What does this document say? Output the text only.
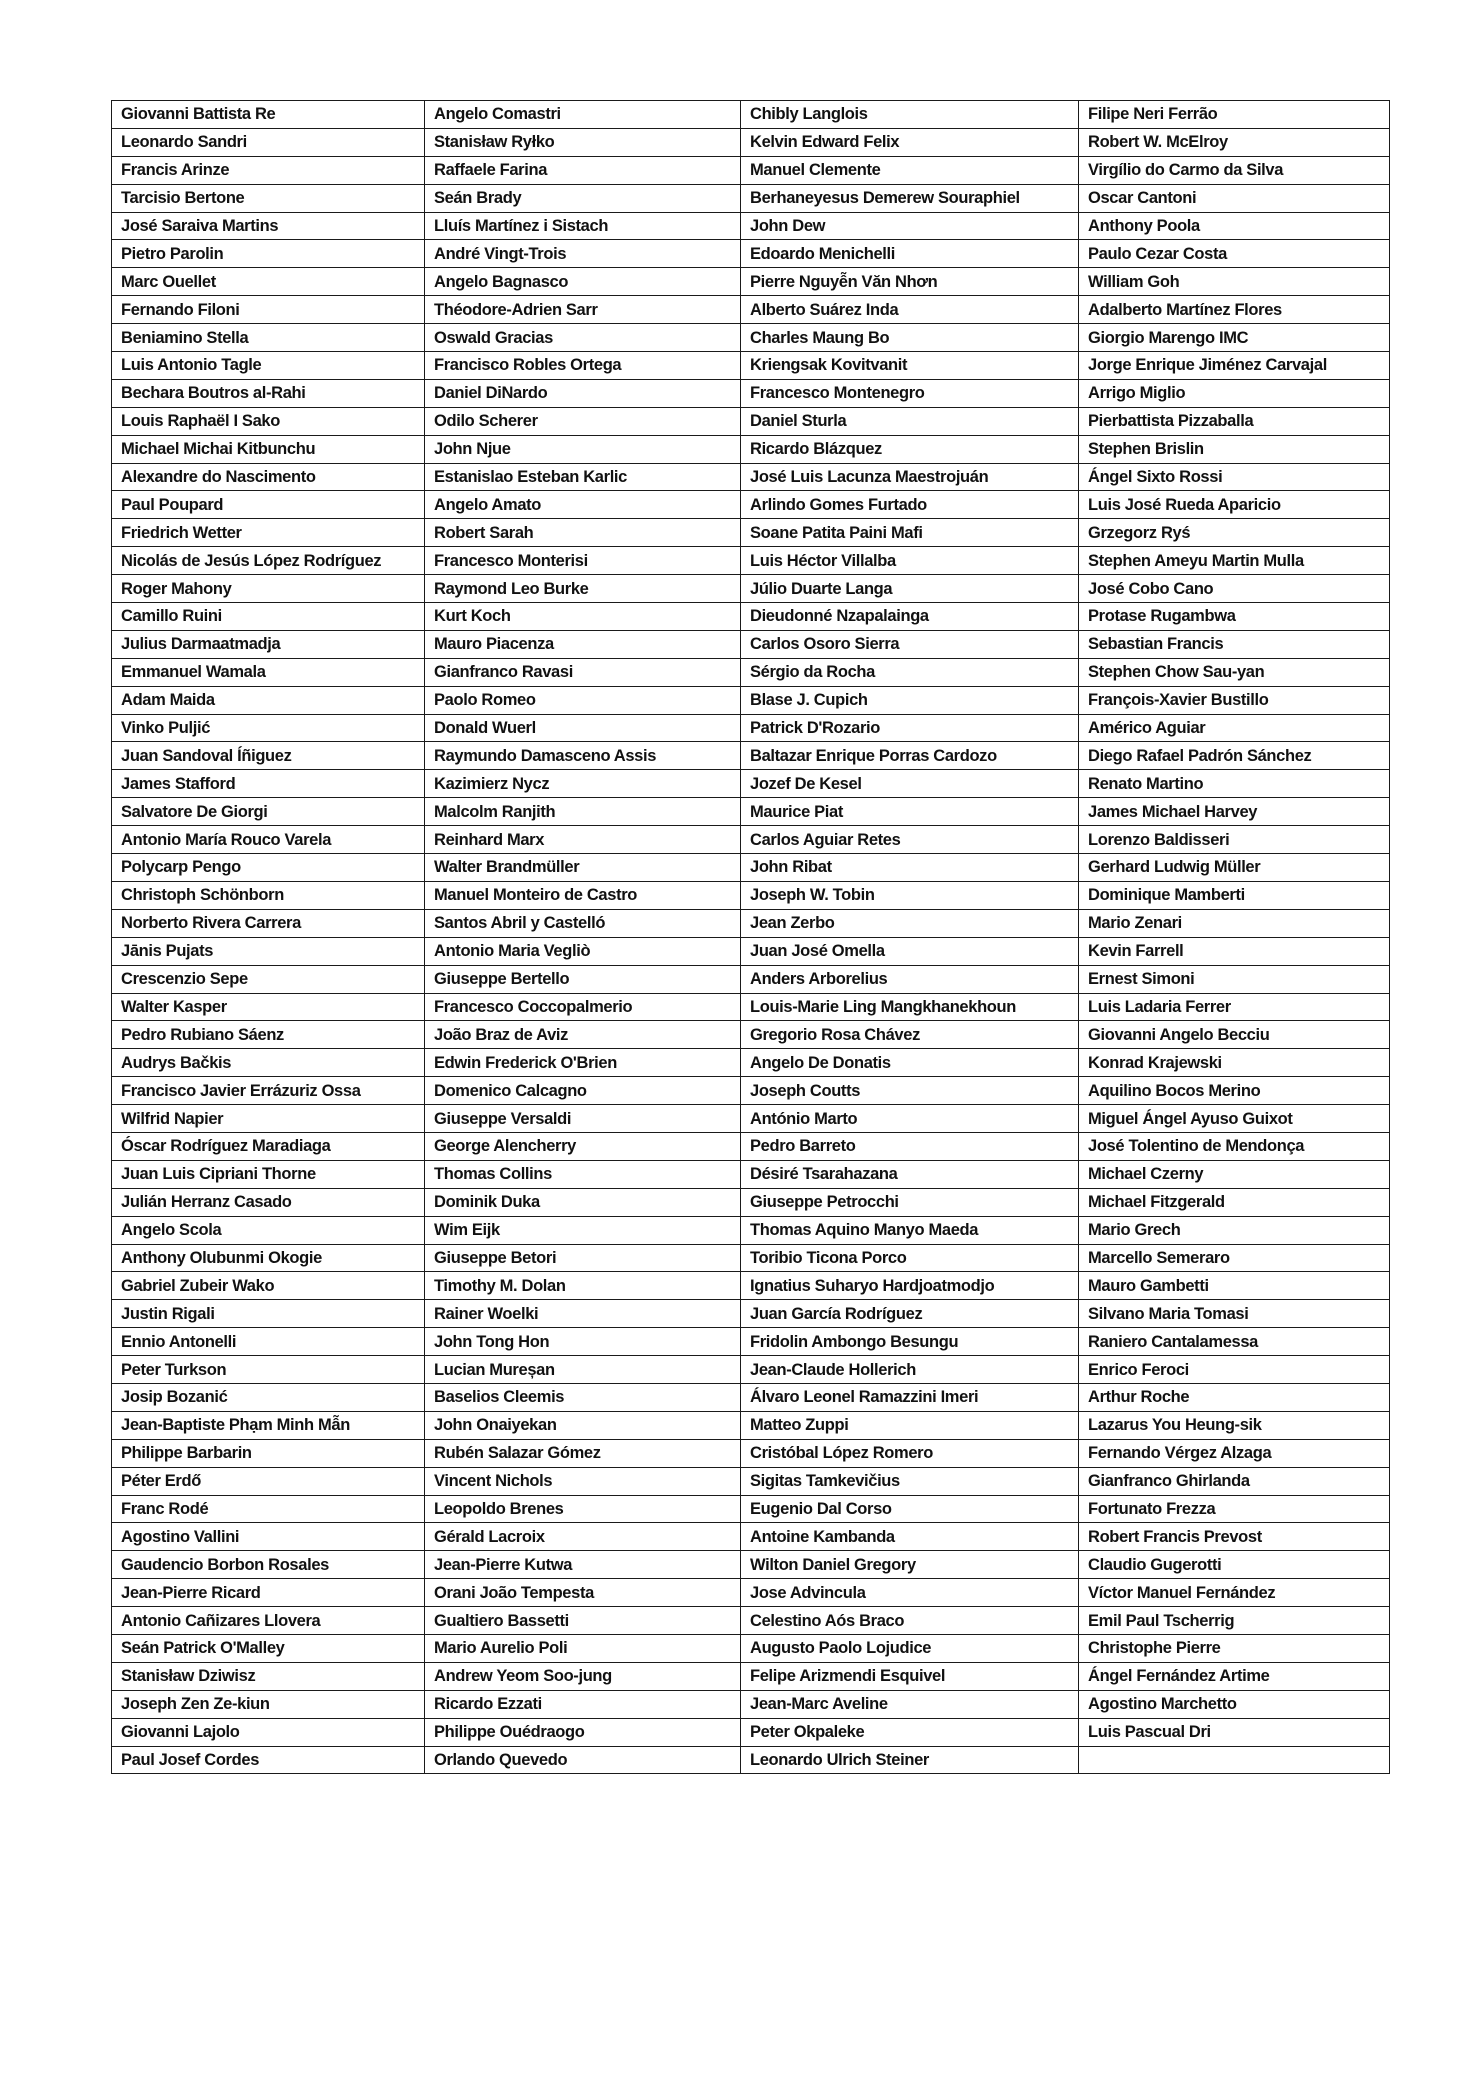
Giovanni Battista Re	Angelo Comastri	Chibly Langlois	Filipe Neri Ferrão
Leonardo Sandri	Stanisław Ryłko	Kelvin Edward Felix	Robert W. McElroy
Francis Arinze	Raffaele Farina	Manuel Clemente	Virgílio do Carmo da Silva
Tarcisio Bertone	Seán Brady	Berhaneyesus Demerew Souraphiel	Oscar Cantoni
José Saraiva Martins	Lluís Martínez i Sistach	John Dew	Anthony Poola
Pietro Parolin	André Vingt-Trois	Edoardo Menichelli	Paulo Cezar Costa
Marc Ouellet	Angelo Bagnasco	Pierre Nguyễn Văn Nhơn	William Goh
Fernando Filoni	Théodore-Adrien Sarr	Alberto Suárez Inda	Adalberto Martínez Flores
Beniamino Stella	Oswald Gracias	Charles Maung Bo	Giorgio Marengo IMC
Luis Antonio Tagle	Francisco Robles Ortega	Kriengsak Kovitvanit	Jorge Enrique Jiménez Carvajal
Bechara Boutros al-Rahi	Daniel DiNardo	Francesco Montenegro	Arrigo Miglio
Louis Raphaël I Sako	Odilo Scherer	Daniel Sturla	Pierbattista Pizzaballa
Michael Michai Kitbunchu	John Njue	Ricardo Blázquez	Stephen Brislin
Alexandre do Nascimento	Estanislao Esteban Karlic	José Luis Lacunza Maestrojuán	Ángel Sixto Rossi
Paul Poupard	Angelo Amato	Arlindo Gomes Furtado	Luis José Rueda Aparicio
Friedrich Wetter	Robert Sarah	Soane Patita Paini Mafi	Grzegorz Ryś
Nicolás de Jesús López Rodríguez	Francesco Monterisi	Luis Héctor Villalba	Stephen Ameyu Martin Mulla
Roger Mahony	Raymond Leo Burke	Júlio Duarte Langa	José Cobo Cano
Camillo Ruini	Kurt Koch	Dieudonné Nzapalainga	Protase Rugambwa
Julius Darmaatmadja	Mauro Piacenza	Carlos Osoro Sierra	Sebastian Francis
Emmanuel Wamala	Gianfranco Ravasi	Sérgio da Rocha	Stephen Chow Sau-yan
Adam Maida	Paolo Romeo	Blase J. Cupich	François-Xavier Bustillo
Vinko Puljić	Donald Wuerl	Patrick D'Rozario	Américo Aguiar
Juan Sandoval Íñiguez	Raymundo Damasceno Assis	Baltazar Enrique Porras Cardozo	Diego Rafael Padrón Sánchez
James Stafford	Kazimierz Nycz	Jozef De Kesel	Renato Martino
Salvatore De Giorgi	Malcolm Ranjith	Maurice Piat	James Michael Harvey
Antonio María Rouco Varela	Reinhard Marx	Carlos Aguiar Retes	Lorenzo Baldisseri
Polycarp Pengo	Walter Brandmüller	John Ribat	Gerhard Ludwig Müller
Christoph Schönborn	Manuel Monteiro de Castro	Joseph W. Tobin	Dominique Mamberti
Norberto Rivera Carrera	Santos Abril y Castelló	Jean Zerbo	Mario Zenari
Jānis Pujats	Antonio Maria Vegliò	Juan José Omella	Kevin Farrell
Crescenzio Sepe	Giuseppe Bertello	Anders Arborelius	Ernest Simoni
Walter Kasper	Francesco Coccopalmerio	Louis-Marie Ling Mangkhanekhoun	Luis Ladaria Ferrer
Pedro Rubiano Sáenz	João Braz de Aviz	Gregorio Rosa Chávez	Giovanni Angelo Becciu
Audrys Bačkis	Edwin Frederick O'Brien	Angelo De Donatis	Konrad Krajewski
Francisco Javier Errázuriz Ossa	Domenico Calcagno	Joseph Coutts	Aquilino Bocos Merino
Wilfrid Napier	Giuseppe Versaldi	António Marto	Miguel Ángel Ayuso Guixot
Óscar Rodríguez Maradiaga	George Alencherry	Pedro Barreto	José Tolentino de Mendonça
Juan Luis Cipriani Thorne	Thomas Collins	Désiré Tsarahazana	Michael Czerny
Julián Herranz Casado	Dominik Duka	Giuseppe Petrocchi	Michael Fitzgerald
Angelo Scola	Wim Eijk	Thomas Aquino Manyo Maeda	Mario Grech
Anthony Olubunmi Okogie	Giuseppe Betori	Toribio Ticona Porco	Marcello Semeraro
Gabriel Zubeir Wako	Timothy M. Dolan	Ignatius Suharyo Hardjoatmodjo	Mauro Gambetti
Justin Rigali	Rainer Woelki	Juan García Rodríguez	Silvano Maria Tomasi
Ennio Antonelli	John Tong Hon	Fridolin Ambongo Besungu	Raniero Cantalamessa
Peter Turkson	Lucian Mureșan	Jean-Claude Hollerich	Enrico Feroci
Josip Bozanić	Baselios Cleemis	Álvaro Leonel Ramazzini Imeri	Arthur Roche
Jean-Baptiste Phạm Minh Mẫn	John Onaiyekan	Matteo Zuppi	Lazarus You Heung-sik
Philippe Barbarin	Rubén Salazar Gómez	Cristóbal López Romero	Fernando Vérgez Alzaga
Péter Erdő	Vincent Nichols	Sigitas Tamkevičius	Gianfranco Ghirlanda
Franc Rodé	Leopoldo Brenes	Eugenio Dal Corso	Fortunato Frezza
Agostino Vallini	Gérald Lacroix	Antoine Kambanda	Robert Francis Prevost
Gaudencio Borbon Rosales	Jean-Pierre Kutwa	Wilton Daniel Gregory	Claudio Gugerotti
Jean-Pierre Ricard	Orani João Tempesta	Jose Advincula	Víctor Manuel Fernández
Antonio Cañizares Llovera	Gualtiero Bassetti	Celestino Aós Braco	Emil Paul Tscherrig
Seán Patrick O'Malley	Mario Aurelio Poli	Augusto Paolo Lojudice	Christophe Pierre
Stanisław Dziwisz	Andrew Yeom Soo-jung	Felipe Arizmendi Esquivel	Ángel Fernández Artime
Joseph Zen Ze-kiun	Ricardo Ezzati	Jean-Marc Aveline	Agostino Marchetto
Giovanni Lajolo	Philippe Ouédraogo	Peter Okpaleke	Luis Pascual Dri
Paul Josef Cordes	Orlando Quevedo	Leonardo Ulrich Steiner	
